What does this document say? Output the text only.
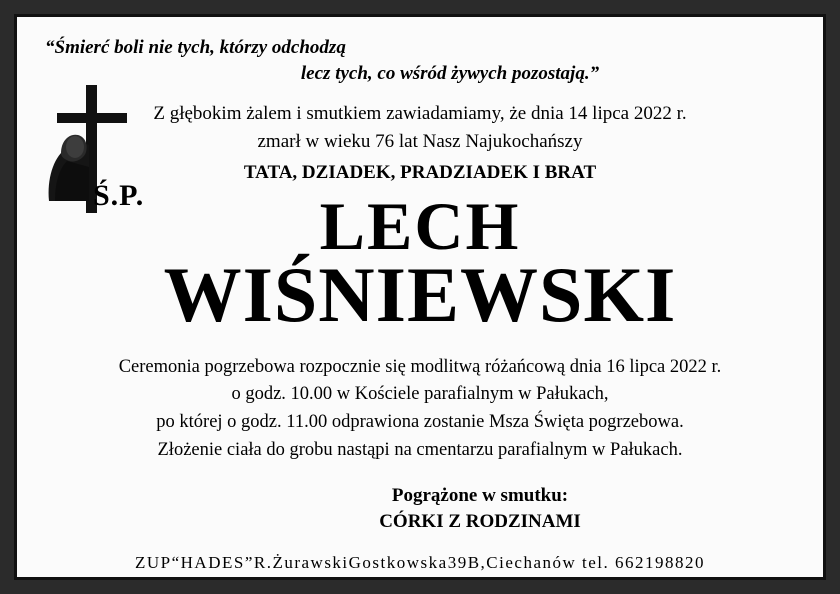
“Śmierć boli nie tych, którzy odchodzą
lecz tych, co wśród żywych pozostają.”
Ś.P.
Z głębokim żalem i smutkiem zawiadamiamy, że dnia 14 lipca 2022 r.
zmarł w wieku 76 lat Nasz Najukochańszy
TATA, DZIADEK, PRADZIADEK I BRAT
LECH
WIŚNIEWSKI
Ceremonia pogrzebowa rozpocznie się modlitwą różańcową dnia 16 lipca 2022 r.
o godz. 10.00 w Kościele parafialnym w Pałukach,
po której o godz. 11.00 odprawiona zostanie Msza Święta pogrzebowa.
Złożenie ciała do grobu nastąpi na cmentarzu parafialnym w Pałukach.
Pogrążone w smutku:
CÓRKI Z RODZINAMI
ZUP“HADES”R.ŻurawskiGostkowska39B,Ciechanów tel. 662198820
